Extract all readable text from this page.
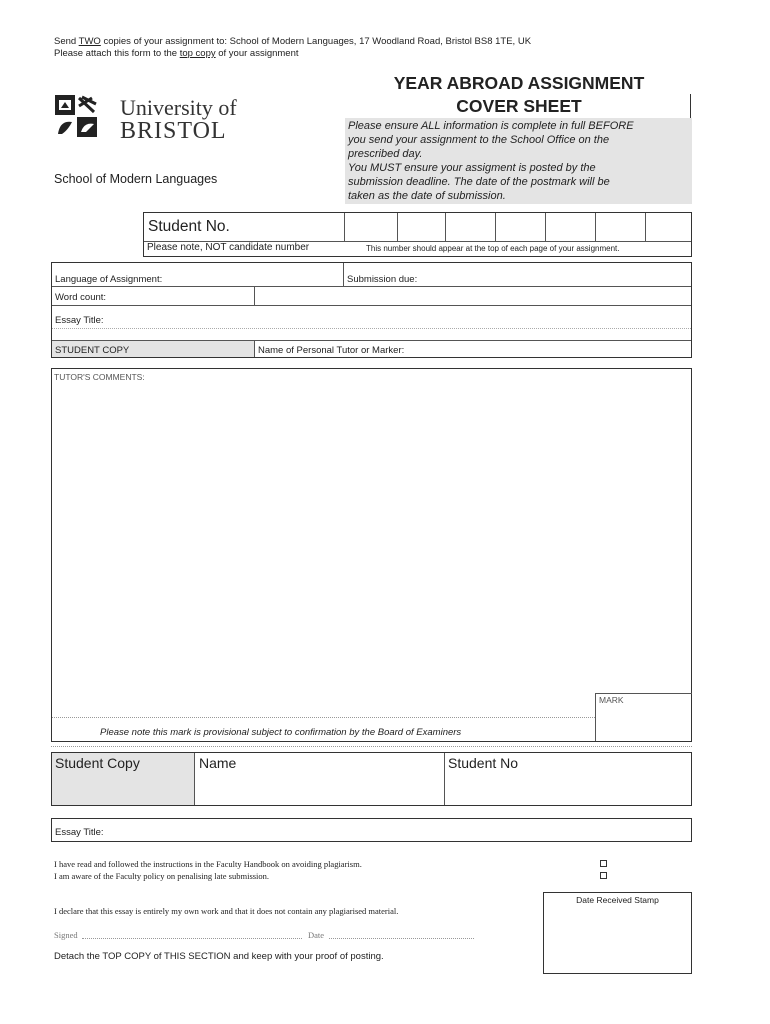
Send TWO copies of your assignment to: School of Modern Languages, 17 Woodland Road, Bristol BS8 1TE, UK
Please attach this form to the top copy of your assignment
University of
BRISTOL
School of Modern Languages
YEAR ABROAD ASSIGNMENT
COVER SHEET
Please ensure ALL information is complete in full BEFORE
you send your assignment to the School Office on the
prescribed day.
You MUST ensure your assigment is posted by the
submission deadline. The date of the postmark will be
taken as the date of submission.
Student No.
Please note, NOT candidate number	This number should appear at the top of each page of your assignment.
Language of Assignment:	Submission due:
Word count:
Essay Title:
STUDENT COPY	Name of Personal Tutor or Marker:
TUTOR'S COMMENTS:
MARK
Please note this mark is provisional subject to confirmation by the Board of Examiners
Student Copy	Name	Student No
Essay Title:
I have read and followed the instructions in the Faculty Handbook on avoiding plagiarism.
I am aware of the Faculty policy on penalising late submission.
I declare that this essay is entirely my own work and that it does not contain any plagiarised material.
Signed	Date
Detach the TOP COPY of THIS SECTION and keep with your proof of posting.
Date Received Stamp
